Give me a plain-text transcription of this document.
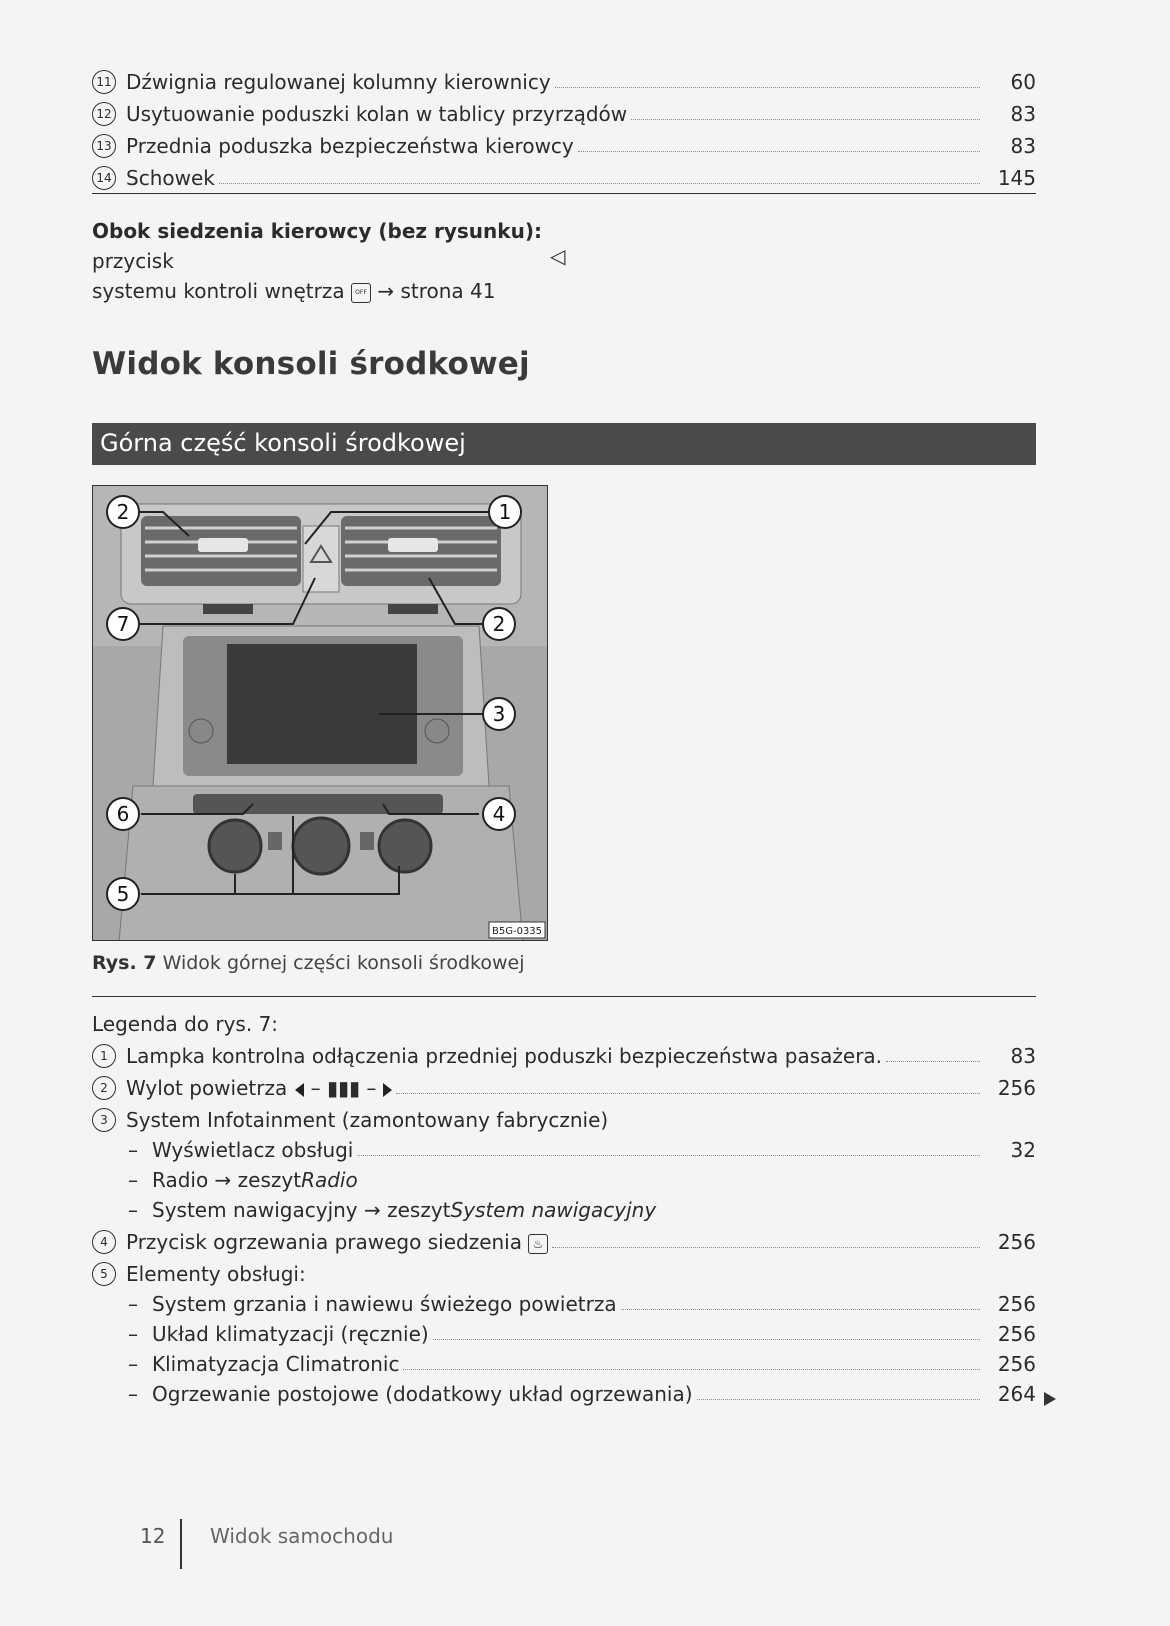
11 Dźwignia regulowanej kolumny kierownicy	60
12 Usytuowanie poduszki kolan w tablicy przyrządów	83
13 Przednia poduszka bezpieczeństwa kierowcy	83
14 Schowek	145
Obok siedzenia kierowcy (bez rysunku): przycisk
systemu kontroli wnętrza OFF → strona 41
◁
Widok konsoli środkowej
Górna część konsoli środkowej
1
2
2
3
4
5
6
7
B5G-0335
Rys. 7 Widok górnej części konsoli środkowej
Legenda do rys. 7:
1 Lampka kontrolna odłączenia przedniej poduszki bezpieczeństwa pasażera.	83
2 Wylot powietrza – ▮▮▮ –	256
3 System Infotainment (zamontowany fabrycznie)
– Wyświetlacz obsługi	32
– Radio → zeszyt Radio
– System nawigacyjny → zeszyt System nawigacyjny
4 Przycisk ogrzewania prawego siedzenia ♨	256
5 Elementy obsługi:
– System grzania i nawiewu świeżego powietrza	256
– Układ klimatyzacji (ręcznie)	256
– Klimatyzacja Climatronic	256
– Ogrzewanie postojowe (dodatkowy układ ogrzewania)	264
12 Widok samochodu
